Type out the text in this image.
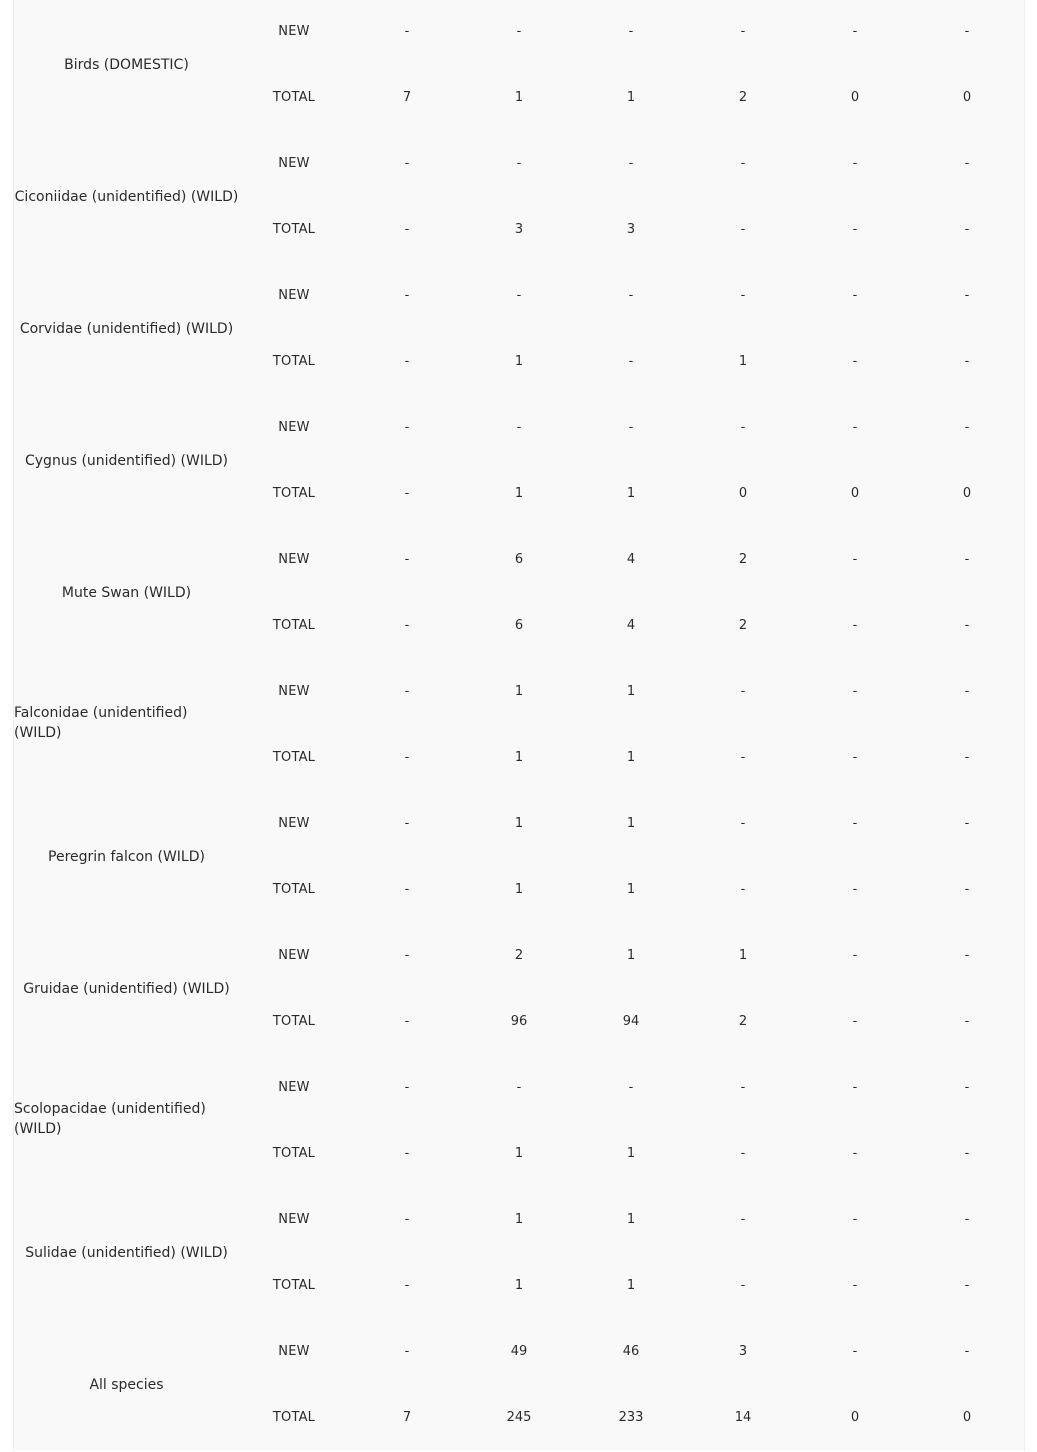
Birds (DOMESTIC)
NEW	-	-	-	-	-	-
TOTAL	7	1	1	2	0	0
Ciconiidae (unidentified) (WILD)
NEW	-	-	-	-	-	-
TOTAL	-	3	3	-	-	-
Corvidae (unidentified) (WILD)
NEW	-	-	-	-	-	-
TOTAL	-	1	-	1	-	-
Cygnus (unidentified) (WILD)
NEW	-	-	-	-	-	-
TOTAL	-	1	1	0	0	0
Mute Swan (WILD)
NEW	-	6	4	2	-	-
TOTAL	-	6	4	2	-	-
Falconidae (unidentified) (WILD)
NEW	-	1	1	-	-	-
TOTAL	-	1	1	-	-	-
Peregrin falcon (WILD)
NEW	-	1	1	-	-	-
TOTAL	-	1	1	-	-	-
Gruidae (unidentified) (WILD)
NEW	-	2	1	1	-	-
TOTAL	-	96	94	2	-	-
Scolopacidae (unidentified) (WILD)
NEW	-	-	-	-	-	-
TOTAL	-	1	1	-	-	-
Sulidae (unidentified) (WILD)
NEW	-	1	1	-	-	-
TOTAL	-	1	1	-	-	-
All species
NEW	-	49	46	3	-	-
TOTAL	7	245	233	14	0	0
